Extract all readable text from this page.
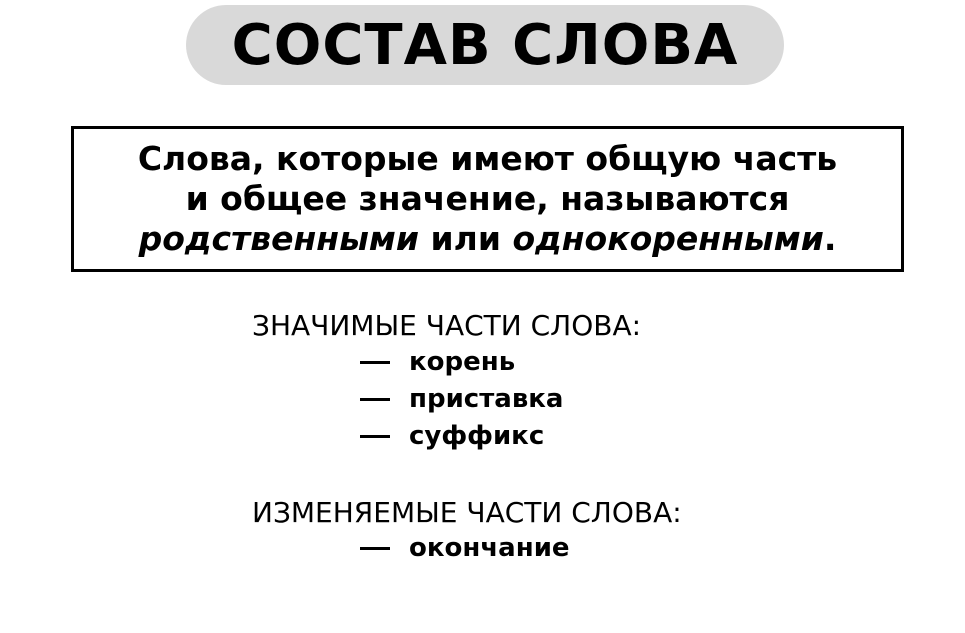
СОСТАВ СЛОВА
Слова, которые имеют общую часть
и общее значение, называются
родственными или однокоренными.
ЗНАЧИМЫЕ ЧАСТИ СЛОВА:
корень
приставка
суффикс
ИЗМЕНЯЕМЫЕ ЧАСТИ СЛОВА:
окончание
